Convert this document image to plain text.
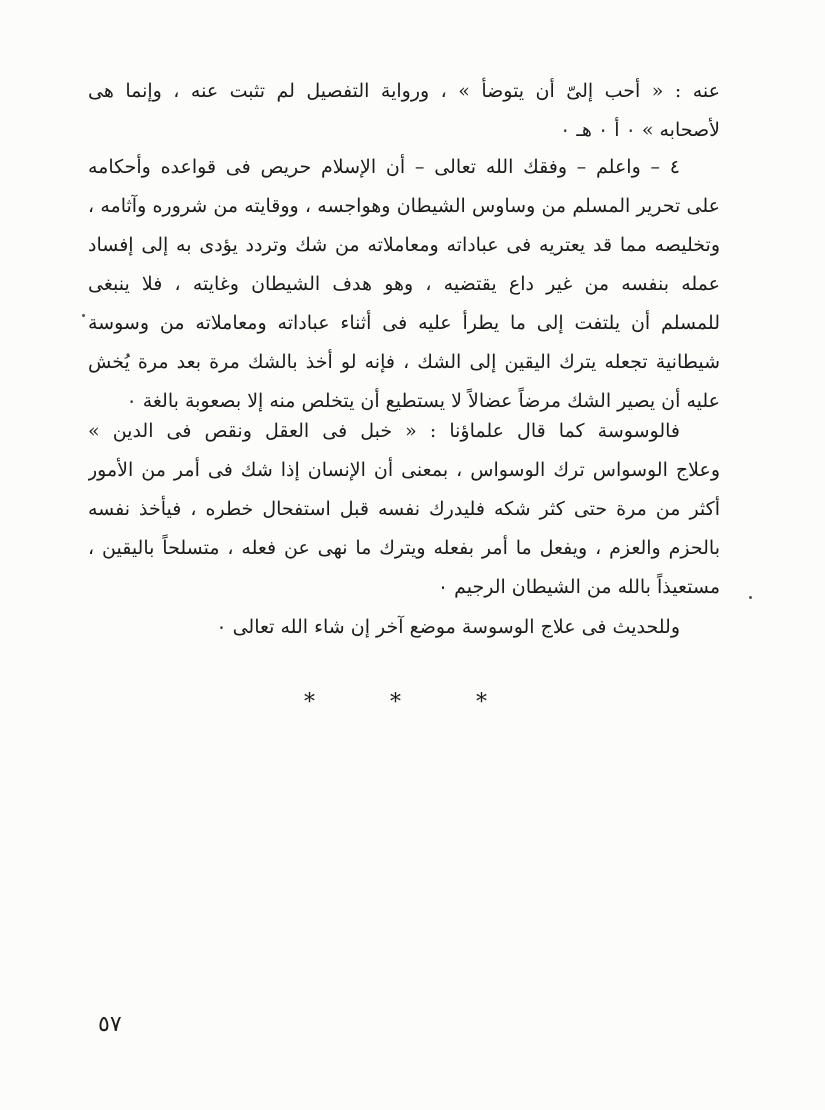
عنه : « أحب إلىّ أن يتوضأ » ، ورواية التفصيل لم تثبت عنه ، وإنما هى
لأصحابه » ٠ أ ٠ هـ ٠
٤ – واعلم – وفقك الله تعالى – أن الإسلام حريص فى قواعده وأحكامه
على تحرير المسلم من وساوس الشيطان وهواجسه ، ووقايته من شروره وآثامه ،
وتخليصه مما قد يعتريه فى عباداته ومعاملاته من شك وتردد يؤدى به إلى إفساد
عمله بنفسه من غير داع يقتضيه ، وهو هدف الشيطان وغايته ، فلا ينبغى
للمسلم أن يلتفت إلى ما يطرأ عليه فى أثناء عباداته ومعاملاته من وسوسة
شيطانية تجعله يترك اليقين إلى الشك ، فإنه لو أخذ بالشك مرة بعد مرة يُخش
عليه أن يصير الشك مرضاً عضالاً لا يستطيع أن يتخلص منه إلا بصعوبة بالغة ٠
فالوسوسة كما قال علماؤنا : « خبل فى العقل ونقص فى الدين »
وعلاج الوسواس ترك الوسواس ، بمعنى أن الإنسان إذا شك فى أمر من الأمور
أكثر من مرة حتى كثر شكه فليدرك نفسه قبل استفحال خطره ، فيأخذ نفسه
بالحزم والعزم ، ويفعل ما أمر بفعله ويترك ما نهى عن فعله ، متسلحاً باليقين ،
مستعيذاً بالله من الشيطان الرجيم ٠
وللحديث فى علاج الوسوسة موضع آخر إن شاء الله تعالى ٠
* * *
٥٧
